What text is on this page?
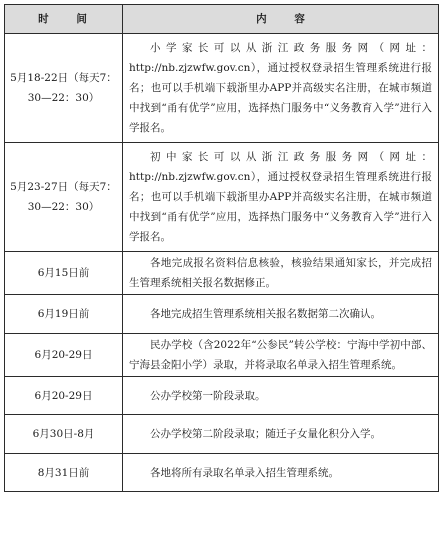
时 间	内 容
5月18-22日（每天7：30—22：30）	小学家长可以从浙江政务服务网（网址：http://nb.zjzwfw.gov.cn），通过授权登录招生管理系统进行报名；也可以手机端下载浙里办APP并高级实名注册，在城市频道中找到“甬有优学”应用，选择热门服务中“义务教育入学”进行入学报名。
5月23-27日（每天7：30—22：30）	初中家长可以从浙江政务服务网（网址：http://nb.zjzwfw.gov.cn），通过授权登录招生管理系统进行报名；也可以手机端下载浙里办APP并高级实名注册，在城市频道中找到“甬有优学”应用，选择热门服务中“义务教育入学”进行入学报名。
6月15日前	各地完成报名资料信息核验，核验结果通知家长，并完成招生管理系统相关报名数据修正。
6月19日前	各地完成招生管理系统相关报名数据第二次确认。
6月20-29日	民办学校（含2022年“公参民”转公学校：宁海中学初中部、宁海县金阳小学）录取，并将录取名单录入招生管理系统。
6月20-29日	公办学校第一阶段录取。
6月30日-8月	公办学校第二阶段录取；随迁子女量化积分入学。
8月31日前	各地将所有录取名单录入招生管理系统。
